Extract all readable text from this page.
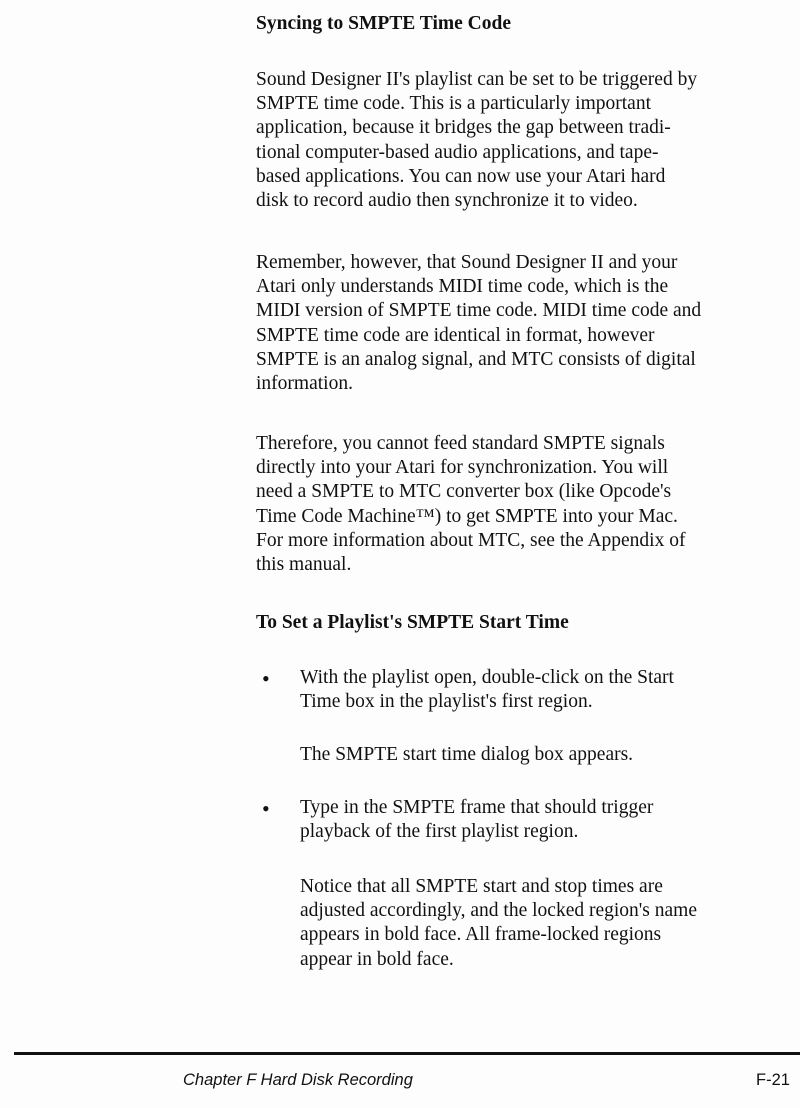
Syncing to SMPTE Time Code
Sound Designer II's playlist can be set to be triggered by
SMPTE time code. This is a particularly important
application, because it bridges the gap between tradi-
tional computer-based audio applications, and tape-
based applications. You can now use your Atari hard
disk to record audio then synchronize it to video.
Remember, however, that Sound Designer II and your
Atari only understands MIDI time code, which is the
MIDI version of SMPTE time code. MIDI time code and
SMPTE time code are identical in format, however
SMPTE is an analog signal, and MTC consists of digital
information.
Therefore, you cannot feed standard SMPTE signals
directly into your Atari for synchronization. You will
need a SMPTE to MTC converter box (like Opcode's
Time Code Machine™) to get SMPTE into your Mac.
For more information about MTC, see the Appendix of
this manual.
To Set a Playlist's SMPTE Start Time
• With the playlist open, double-click on the Start
Time box in the playlist's first region.
The SMPTE start time dialog box appears.
• Type in the SMPTE frame that should trigger
playback of the first playlist region.
Notice that all SMPTE start and stop times are
adjusted accordingly, and the locked region's name
appears in bold face. All frame-locked regions
appear in bold face.
Chapter F Hard Disk Recording	F-21
